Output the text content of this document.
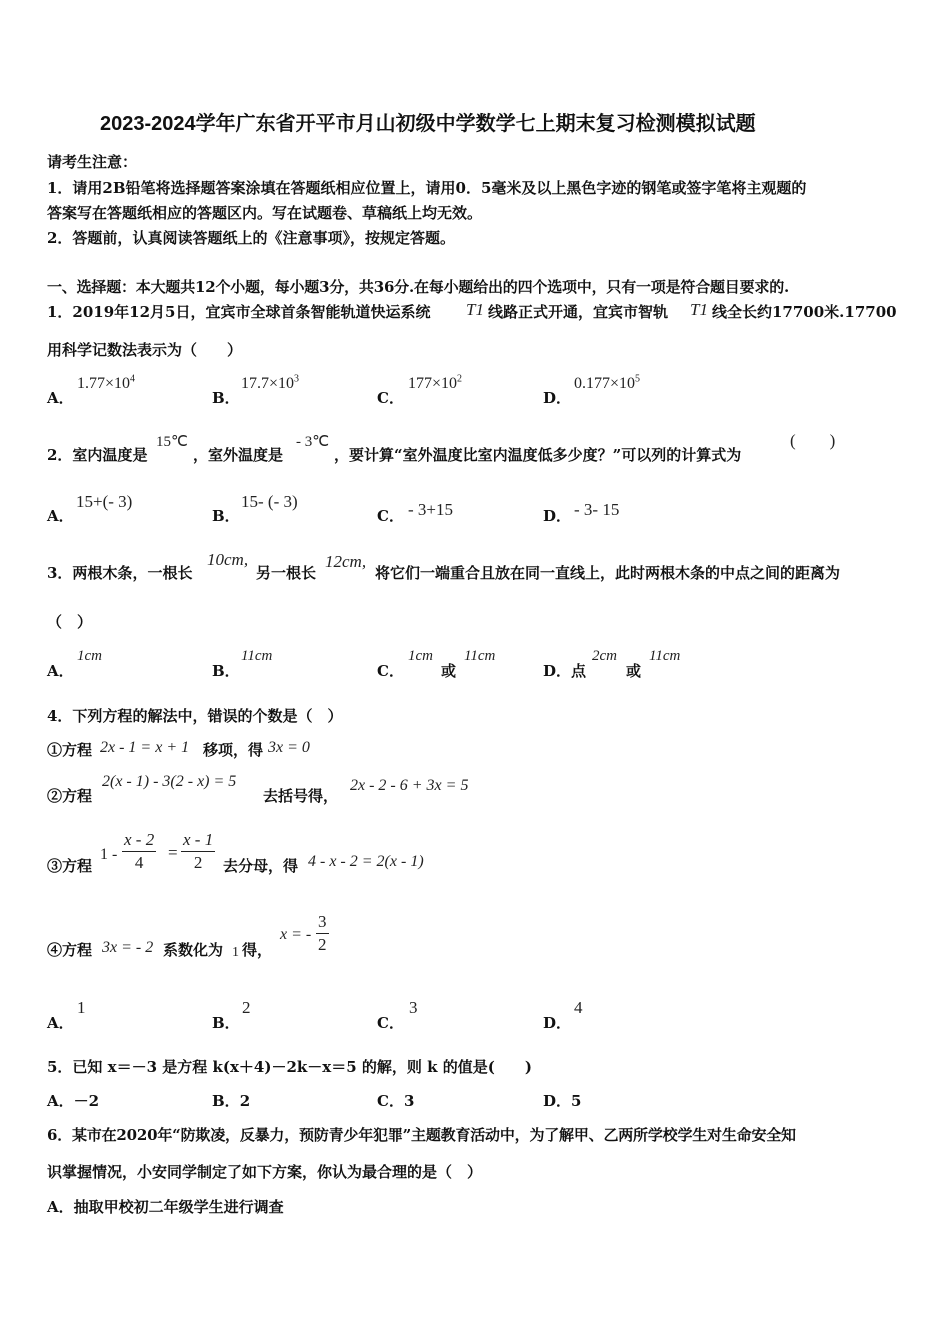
2023-2024学年广东省开平市月山初级中学数学七上期末复习检测模拟试题
请考生注意：
1．请用2B铅笔将选择题答案涂填在答题纸相应位置上，请用0．5毫米及以上黑色字迹的钢笔或签字笔将主观题的
答案写在答题纸相应的答题区内。写在试题卷、草稿纸上均无效。
2．答题前，认真阅读答题纸上的《注意事项》，按规定答题。
一、选择题：本大题共12个小题，每小题3分，共36分.在每小题给出的四个选项中，只有一项是符合题目要求的.
1．2019年12月5日，宜宾市全球首条智能轨道快运系统 T1 线路正式开通，宜宾市智轨 T1 线全长约17700米.17700
用科学记数法表示为（　　）
A．
$1.77\times 10^4$
B．
$17.7\times 10^3$
C．
$177\times 10^2$
D．
$0.177\times 10^5$
2．室内温度是
15℃
，室外温度是
- 3℃
，要计算“室外温度比室内温度低多少度？”可以列的计算式为
(　　)
A．
15+(- 3)
B．
15- (- 3)
C． - 3+15	D． - 3- 15
3．两根木条，一根长
10cm,
另一根长
12cm,
将它们一端重合且放在同一直线上，此时两根木条的中点之间的距离为
（　）
A．
1cm
B．
11cm
C．
1cm
或
11cm
D．点
2cm
或
11cm
4．下列方程的解法中，错误的个数是（　）
①方程 2x - 1 = x + 1 移项，得 3x = 0
②方程
2(x - 1) - 3(2 - x) = 5
去括号得，
2x - 2 - 6 + 3x = 5
③方程
$1 - \frac{x - 2}{4} = \frac{x - 1}{2}$ 去分母，得 4 - x - 2 = 2(x - 1)
④方程 3x = - 2 系数化为 1 得，
x = - $\frac{3}{2}$
A．
1
B．
2
C．
3
D．
4
5．已知 x＝－3 是方程 k(x＋4)－2k－x＝5 的解，则 k 的值是(　　)
A．－2	B．2	C．3	D．5
6．某市在2020年“防欺凌，反暴力，预防青少年犯罪”主题教育活动中，为了解甲、乙两所学校学生对生命安全知
识掌握情况，小安同学制定了如下方案，你认为最合理的是（　）
A．抽取甲校初二年级学生进行调查
